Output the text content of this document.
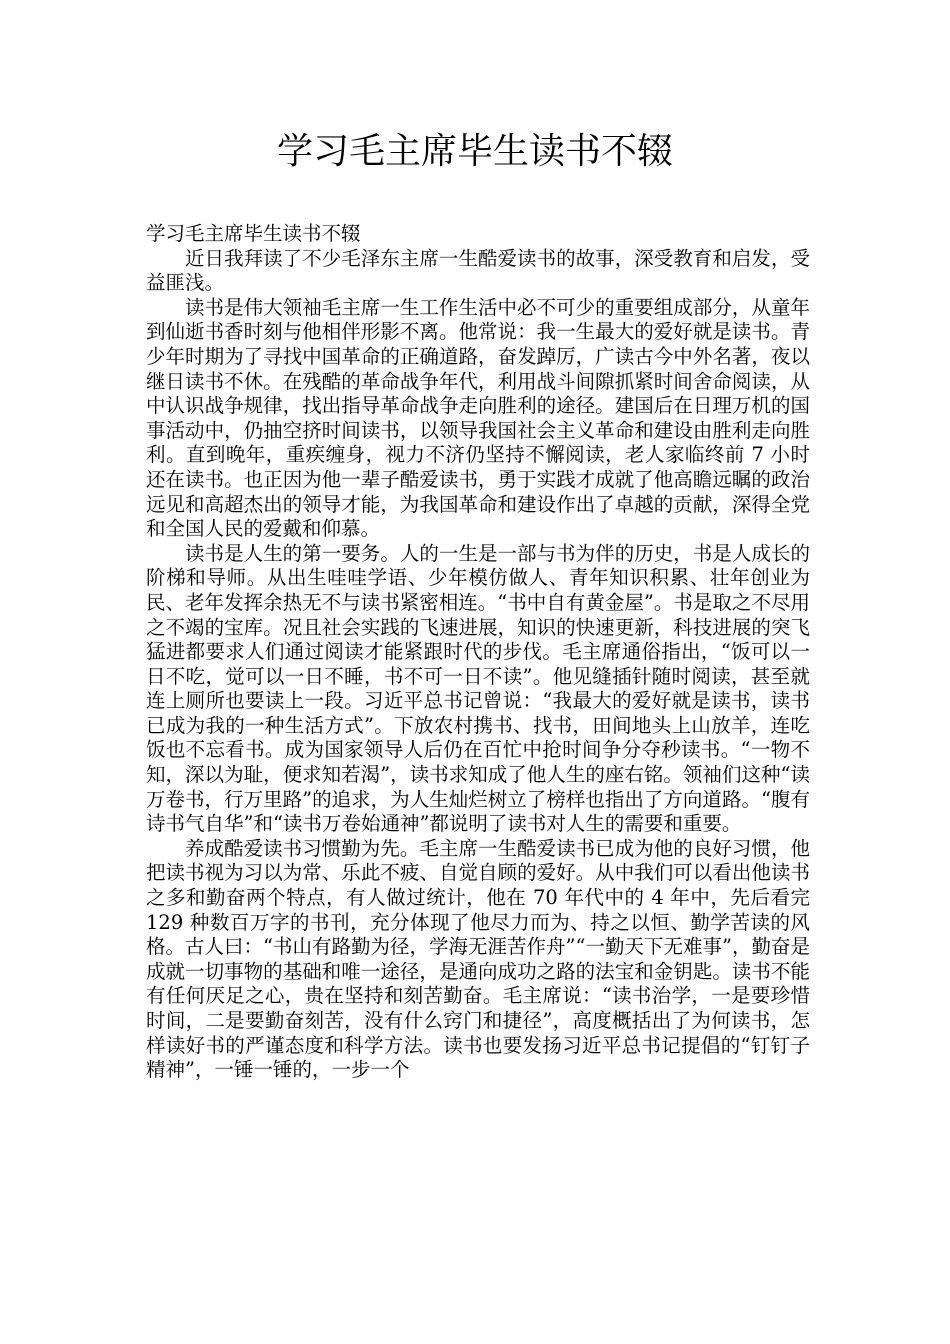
学习毛主席毕生读书不辍

学习毛主席毕生读书不辍

近日我拜读了不少毛泽东主席一生酷爱读书的故事，深受教育和启发，受益匪浅。

读书是伟大领袖毛主席一生工作生活中必不可少的重要组成部分，从童年到仙逝书香时刻与他相伴形影不离。他常说：我一生最大的爱好就是读书。青少年时期为了寻找中国革命的正确道路，奋发踔厉，广读古今中外名著，夜以继日读书不休。在残酷的革命战争年代，利用战斗间隙抓紧时间舍命阅读，从中认识战争规律，找出指导革命战争走向胜利的途径。建国后在日理万机的国事活动中，仍抽空挤时间读书，以领导我国社会主义革命和建设由胜利走向胜利。直到晚年，重疾缠身，视力不济仍坚持不懈阅读，老人家临终前 7 小时还在读书。也正因为他一辈子酷爱读书，勇于实践才成就了他高瞻远瞩的政治远见和高超杰出的领导才能，为我国革命和建设作出了卓越的贡献，深得全党和全国人民的爱戴和仰慕。

读书是人生的第一要务。人的一生是一部与书为伴的历史，书是人成长的阶梯和导师。从出生哇哇学语、少年模仿做人、青年知识积累、壮年创业为民、老年发挥余热无不与读书紧密相连。“书中自有黄金屋”。书是取之不尽用之不竭的宝库。况且社会实践的飞速进展，知识的快速更新，科技进展的突飞猛进都要求人们通过阅读才能紧跟时代的步伐。毛主席通俗指出，“饭可以一日不吃，觉可以一日不睡，书不可一日不读”。他见缝插针随时阅读，甚至就连上厕所也要读上一段。习近平总书记曾说：“我最大的爱好就是读书，读书已成为我的一种生活方式”。下放农村携书、找书，田间地头上山放羊，连吃饭也不忘看书。成为国家领导人后仍在百忙中抢时间争分夺秒读书。“一物不知，深以为耻，便求知若渴”，读书求知成了他人生的座右铭。领袖们这种“读万卷书，行万里路”的追求，为人生灿烂树立了榜样也指出了方向道路。“腹有诗书气自华”和“读书万卷始通神”都说明了读书对人生的需要和重要。

养成酷爱读书习惯勤为先。毛主席一生酷爱读书已成为他的良好习惯，他把读书视为习以为常、乐此不疲、自觉自顾的爱好。从中我们可以看出他读书之多和勤奋两个特点，有人做过统计，他在 70 年代中的 4 年中，先后看完 129 种数百万字的书刊，充分体现了他尽力而为、持之以恒、勤学苦读的风格。古人曰：“书山有路勤为径，学海无涯苦作舟”“一勤天下无难事”，勤奋是成就一切事物的基础和唯一途径，是通向成功之路的法宝和金钥匙。读书不能有任何厌足之心，贵在坚持和刻苦勤奋。毛主席说：“读书治学，一是要珍惜时间，二是要勤奋刻苦，没有什么窍门和捷径”，高度概括出了为何读书，怎样读好书的严谨态度和科学方法。读书也要发扬习近平总书记提倡的“钉钉子精神”，一锤一锤的，一步一个
